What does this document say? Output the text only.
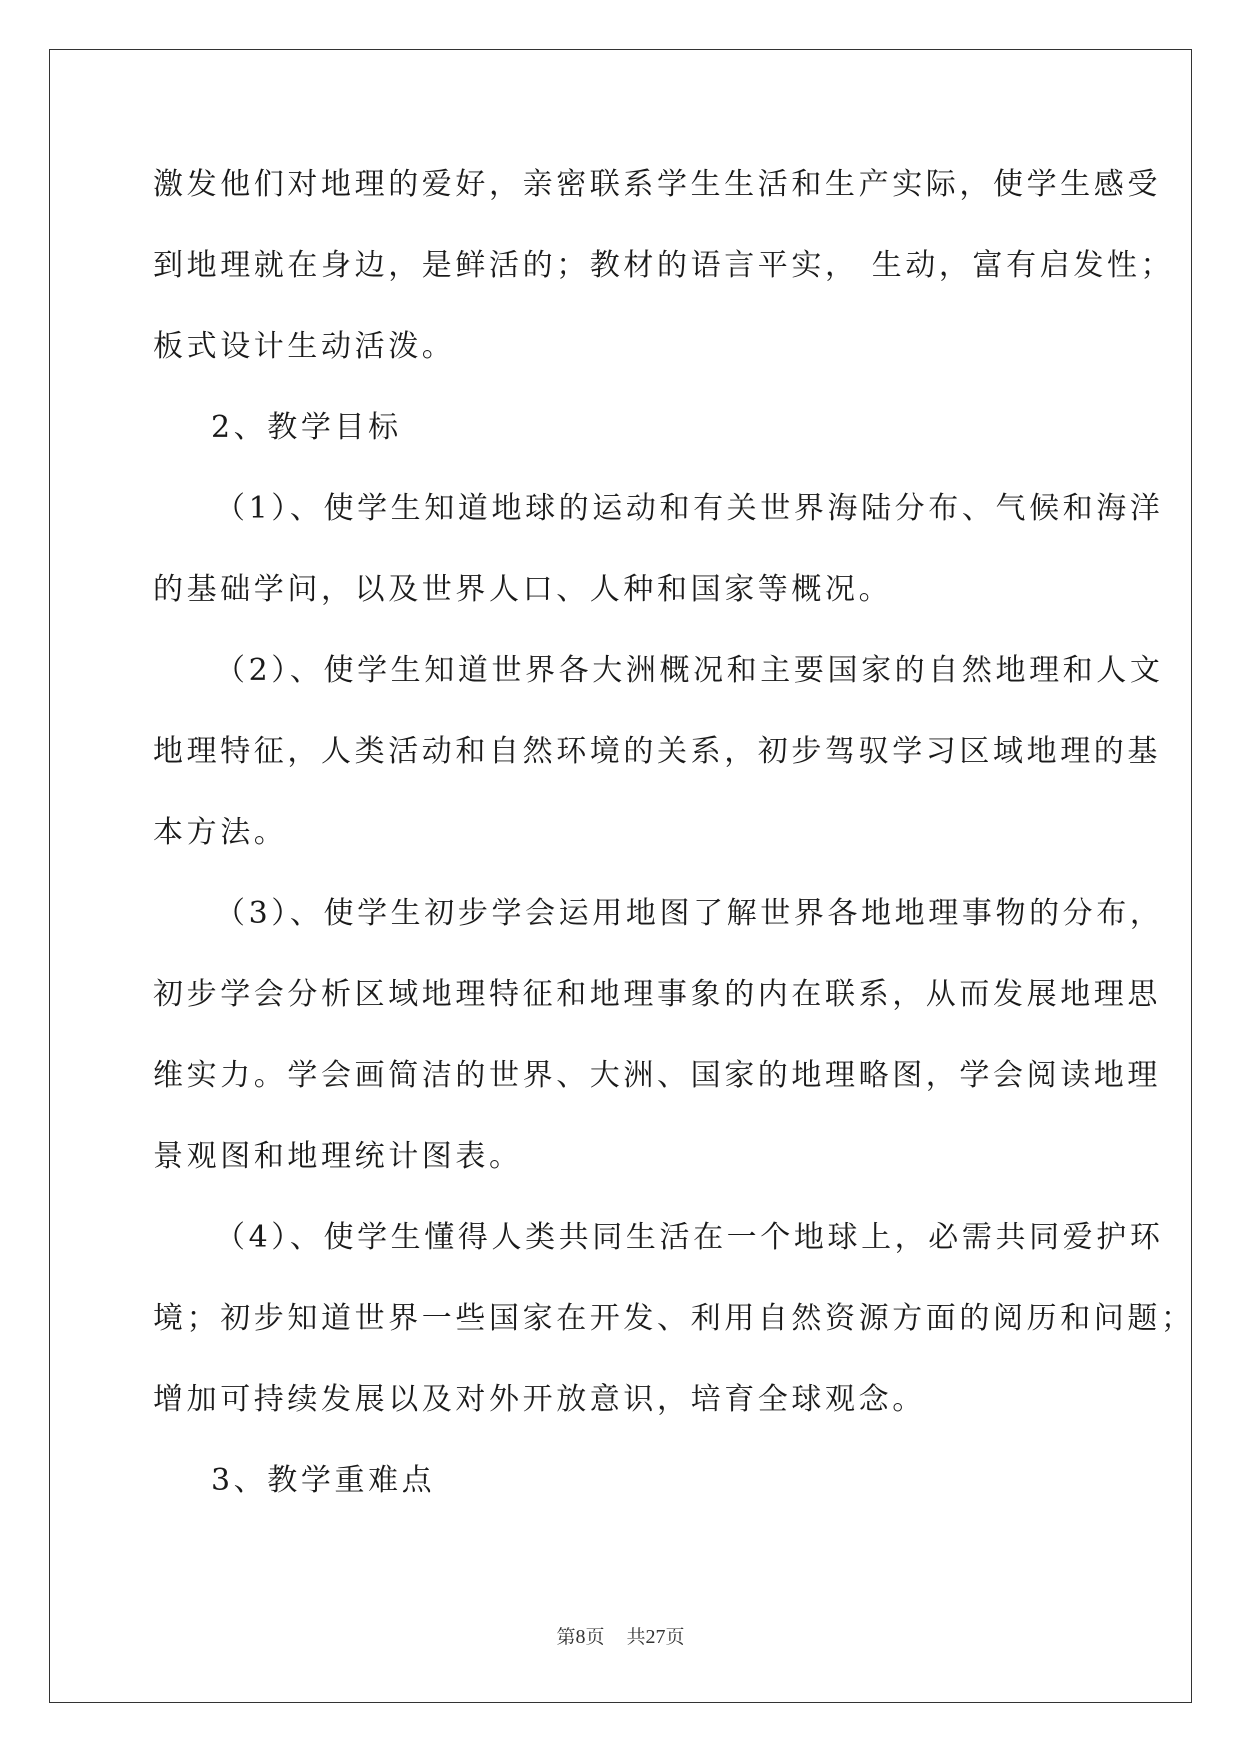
激发他们对地理的爱好，亲密联系学生生活和生产实际，使学生感受
到地理就在身边，是鲜活的；教材的语言平实， 生动，富有启发性；
板式设计生动活泼。
2、教学目标
（1）、使学生知道地球的运动和有关世界海陆分布、气候和海洋
的基础学问，以及世界人口、人种和国家等概况。
（2）、使学生知道世界各大洲概况和主要国家的自然地理和人文
地理特征，人类活动和自然环境的关系，初步驾驭学习区域地理的基
本方法。
（3）、使学生初步学会运用地图了解世界各地地理事物的分布，
初步学会分析区域地理特征和地理事象的内在联系，从而发展地理思
维实力。学会画简洁的世界、大洲、国家的地理略图，学会阅读地理
景观图和地理统计图表。
（4）、使学生懂得人类共同生活在一个地球上，必需共同爱护环
境；初步知道世界一些国家在开发、利用自然资源方面的阅历和问题；
增加可持续发展以及对外开放意识，培育全球观念。
3、教学重难点
第8页 共27页
